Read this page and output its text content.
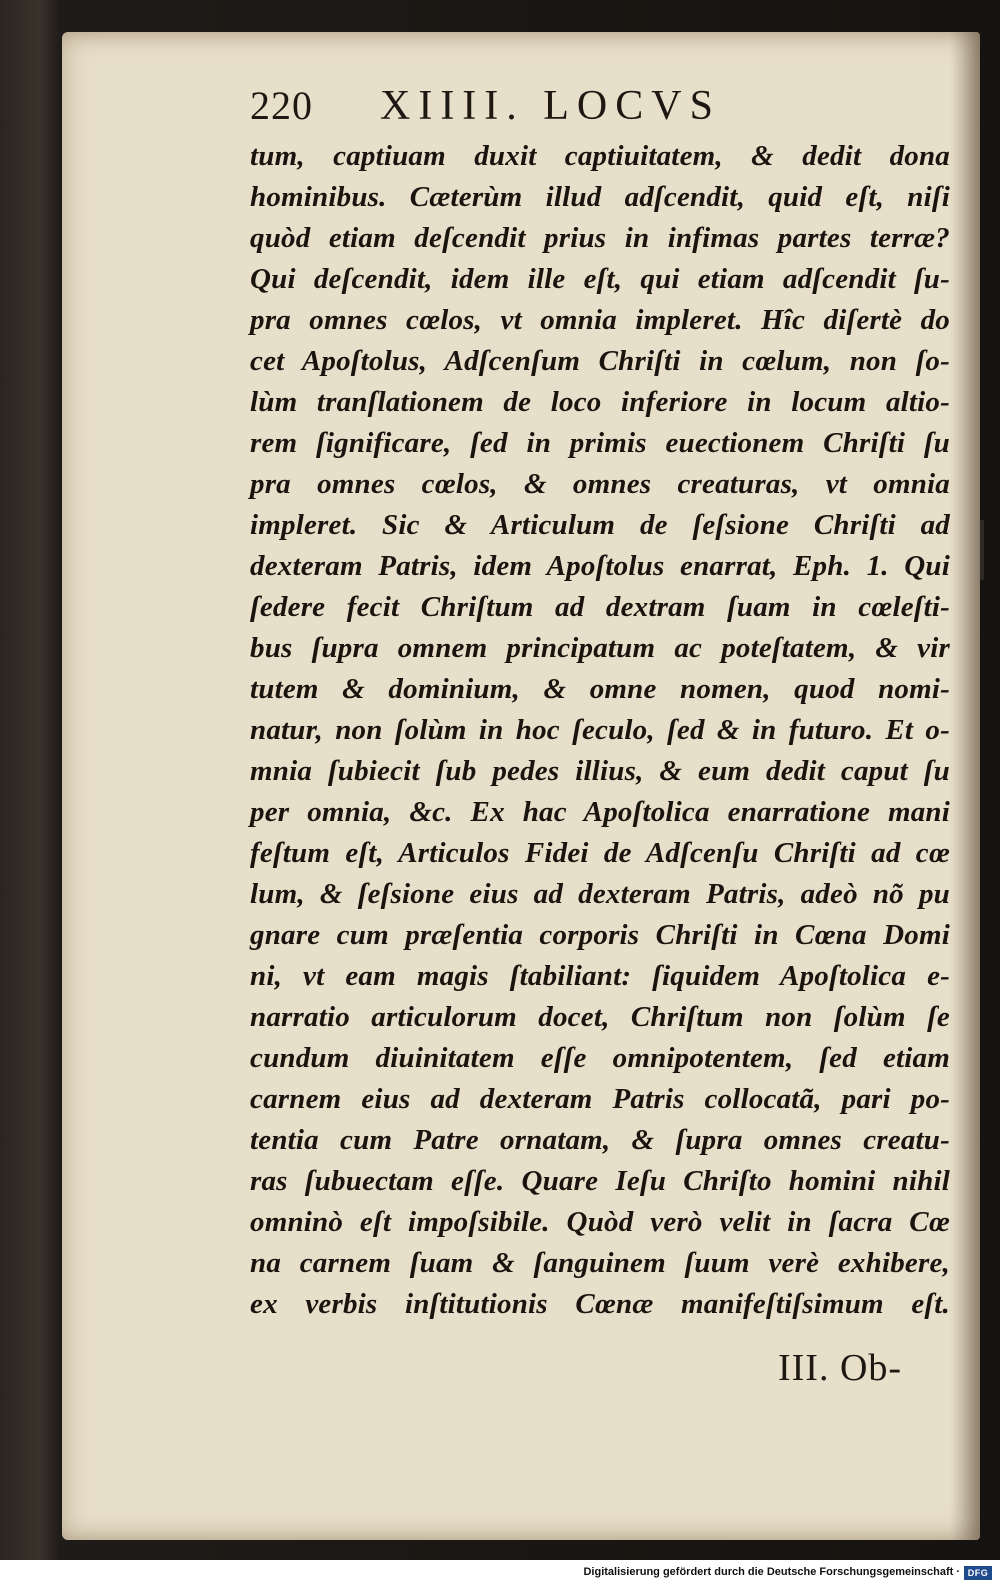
220	XIIII. LOCVS
tum, captiuam duxit captiuitatem, & dedit dona
hominibus. Cæterùm illud adſcendit, quid eſt, niſi
quòd etiam deſcendit prius in infimas partes terræ?
Qui deſcendit, idem ille eſt, qui etiam adſcendit ſu-
pra omnes cœlos, vt omnia impleret. Hîc diſertè do
cet Apoſtolus, Adſcenſum Chriſti in cœlum, non ſo-
lùm tranſlationem de loco inferiore in locum altio-
rem ſignificare, ſed in primis euectionem Chriſti ſu
pra omnes cœlos, & omnes creaturas, vt omnia
impleret. Sic & Articulum de ſeſsione Chriſti ad
dexteram Patris, idem Apoſtolus enarrat, Eph. 1. Qui
ſedere fecit Chriſtum ad dextram ſuam in cœleſti-
bus ſupra omnem principatum ac poteſtatem, & vir
tutem & dominium, & omne nomen, quod nomi-
natur, non ſolùm in hoc ſeculo, ſed & in futuro. Et o-
mnia ſubiecit ſub pedes illius, & eum dedit caput ſu
per omnia, &c. Ex hac Apoſtolica enarratione mani
feſtum eſt, Articulos Fidei de Adſcenſu Chriſti ad cœ
lum, & ſeſsione eius ad dexteram Patris, adeò nõ pu
gnare cum præſentia corporis Chriſti in Cœna Domi
ni, vt eam magis ſtabiliant: ſiquidem Apoſtolica e-
narratio articulorum docet, Chriſtum non ſolùm ſe
cundum diuinitatem eſſe omnipotentem, ſed etiam
carnem eius ad dexteram Patris collocatã, pari po-
tentia cum Patre ornatam, & ſupra omnes creatu-
ras ſubuectam eſſe. Quare Ieſu Chriſto homini nihil
omninò eſt impoſsibile. Quòd verò velit in ſacra Cœ
na carnem ſuam & ſanguinem ſuum verè exhibere,
ex verbis inſtitutionis Cœnæ manifeſtiſsimum eſt.
III. Ob-
Digitalisierung gefördert durch die Deutsche Forschungsgemeinschaft · DFG
